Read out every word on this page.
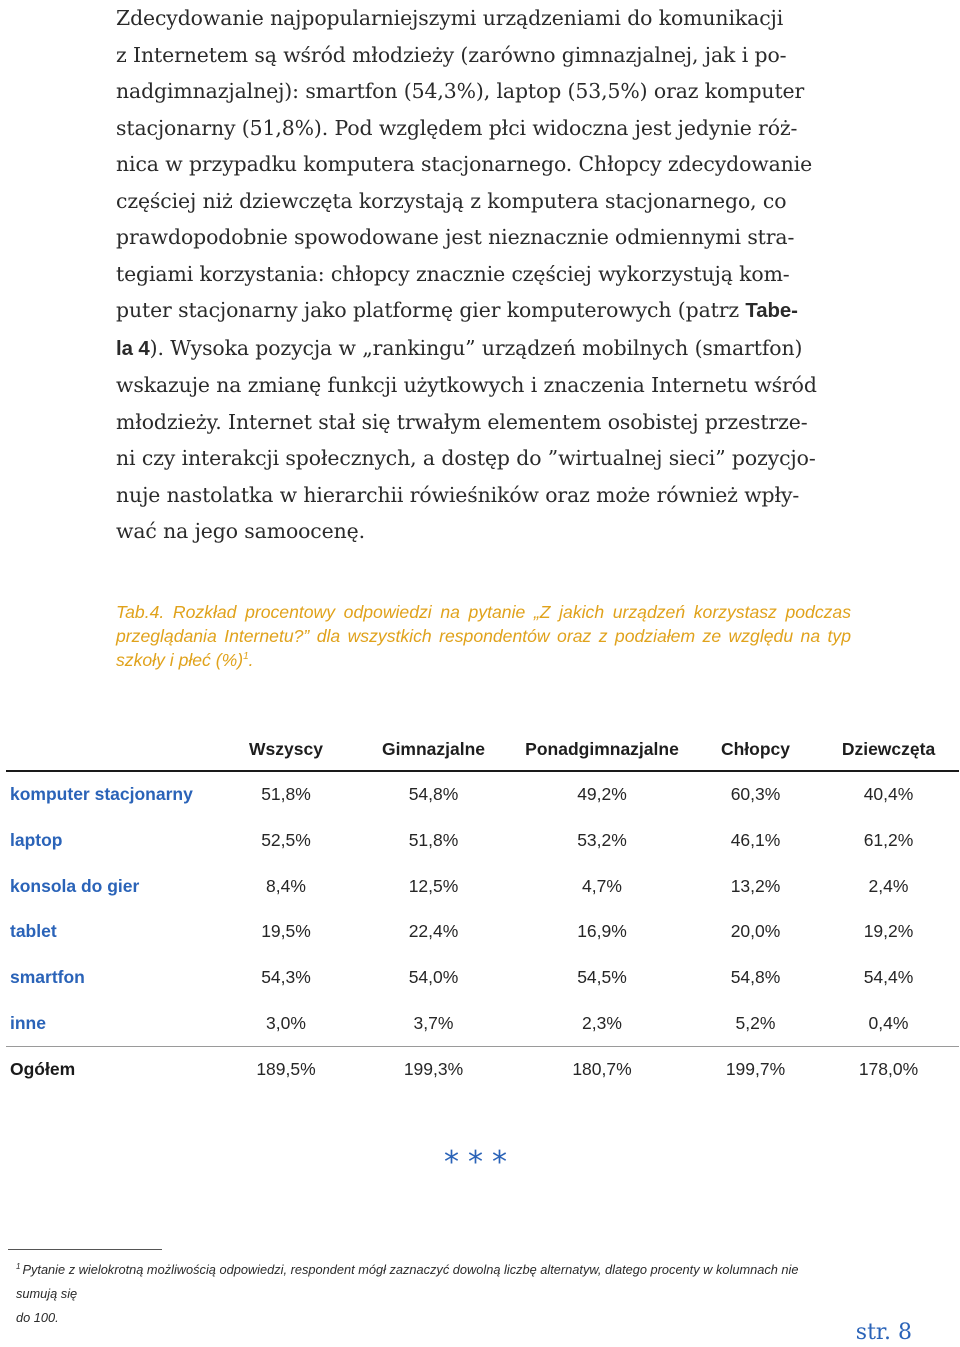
Zdecydowanie najpopularniejszymi urządzeniami do komunikacji
z Internetem są wśród młodzieży (zarówno gimnazjalnej, jak i po-
nadgimnazjalnej): smartfon (54,3%), laptop (53,5%) oraz komputer
stacjonarny (51,8%). Pod względem płci widoczna jest jedynie róż-
nica w przypadku komputera stacjonarnego. Chłopcy zdecydowanie
częściej niż dziewczęta korzystają z komputera stacjonarnego, co
prawdopodobnie spowodowane jest nieznacznie odmiennymi stra-
tegiami korzystania: chłopcy znacznie częściej wykorzystują kom-
puter stacjonarny jako platformę gier komputerowych (patrz Tabe-
la 4). Wysoka pozycja w „rankingu” urządzeń mobilnych (smartfon)
wskazuje na zmianę funkcji użytkowych i znaczenia Internetu wśród
młodzieży. Internet stał się trwałym elementem osobistej przestrze-
ni czy interakcji społecznych, a dostęp do ”wirtualnej sieci” pozycjo-
nuje nastolatka w hierarchii rówieśników oraz może również wpły-
wać na jego samoocenę.
Tab.4. Rozkład procentowy odpowiedzi na pytanie „Z jakich urządzeń korzystasz podczas przeglądania Internetu?” dla wszystkich respondentów oraz z podziałem ze względu na typ szkoły i płeć (%)$^1$.
	Wszyscy	Gimnazjalne	Ponadgimnazjalne	Chłopcy	Dziewczęta
komputer stacjonarny	51,8%	54,8%	49,2%	60,3%	40,4%
laptop	52,5%	51,8%	53,2%	46,1%	61,2%
konsola do gier	8,4%	12,5%	4,7%	13,2%	2,4%
tablet	19,5%	22,4%	16,9%	20,0%	19,2%
smartfon	54,3%	54,0%	54,5%	54,8%	54,4%
inne	3,0%	3,7%	2,3%	5,2%	0,4%
Ogółem	189,5%	199,3%	180,7%	199,7%	178,0%
***
$^1$ Pytanie z wielokrotną możliwością odpowiedzi, respondent mógł zaznaczyć dowolną liczbę alternatyw, dlatego procenty w kolumnach nie sumują się
do 100.
str. 8
